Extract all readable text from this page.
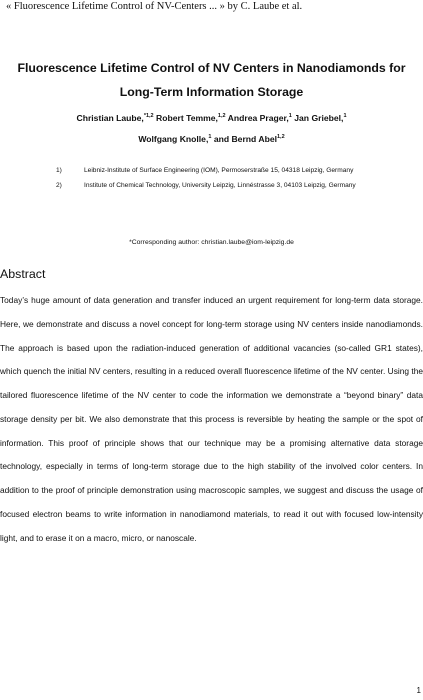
« Fluorescence Lifetime Control of NV-Centers ... » by C. Laube et al.
Fluorescence Lifetime Control of NV Centers in Nanodiamonds for
Long-Term Information Storage
Christian Laube,$^{*1,2}$ Robert Temme,$^{1,2}$ Andrea Prager,$^1$ Jan Griebel,$^1$
Wolfgang Knolle,$^1$ and Bernd Abel$^{1,2}$
1)	Leibniz-Institute of Surface Engineering (IOM), Permoserstraße 15, 04318 Leipzig, Germany
2)	Institute of Chemical Technology, University Leipzig, Linnéstrasse 3, 04103 Leipzig, Germany
*Corresponding author: christian.laube@iom-leipzig.de
Abstract

Today’s huge amount of data generation and transfer induced an urgent requirement for long-term data storage. Here, we demonstrate and discuss a novel concept for long-term storage using NV centers inside nanodiamonds. The approach is based upon the radiation-induced generation of additional vacancies (so-called GR1 states), which quench the initial NV centers, resulting in a reduced overall fluorescence lifetime of the NV center. Using the tailored fluorescence lifetime of the NV center to code the information we demonstrate a “beyond binary” data storage density per bit. We also demonstrate that this process is reversible by heating the sample or the spot of information. This proof of principle shows that our technique may be a promising alternative data storage technology, especially in terms of long-term storage due to the high stability of the involved color centers. In addition to the proof of principle demonstration using macroscopic samples, we suggest and discuss the usage of focused electron beams to write information in nanodiamond materials, to read it out with focused low-intensity light, and to erase it on a macro, micro, or nanoscale.

1
